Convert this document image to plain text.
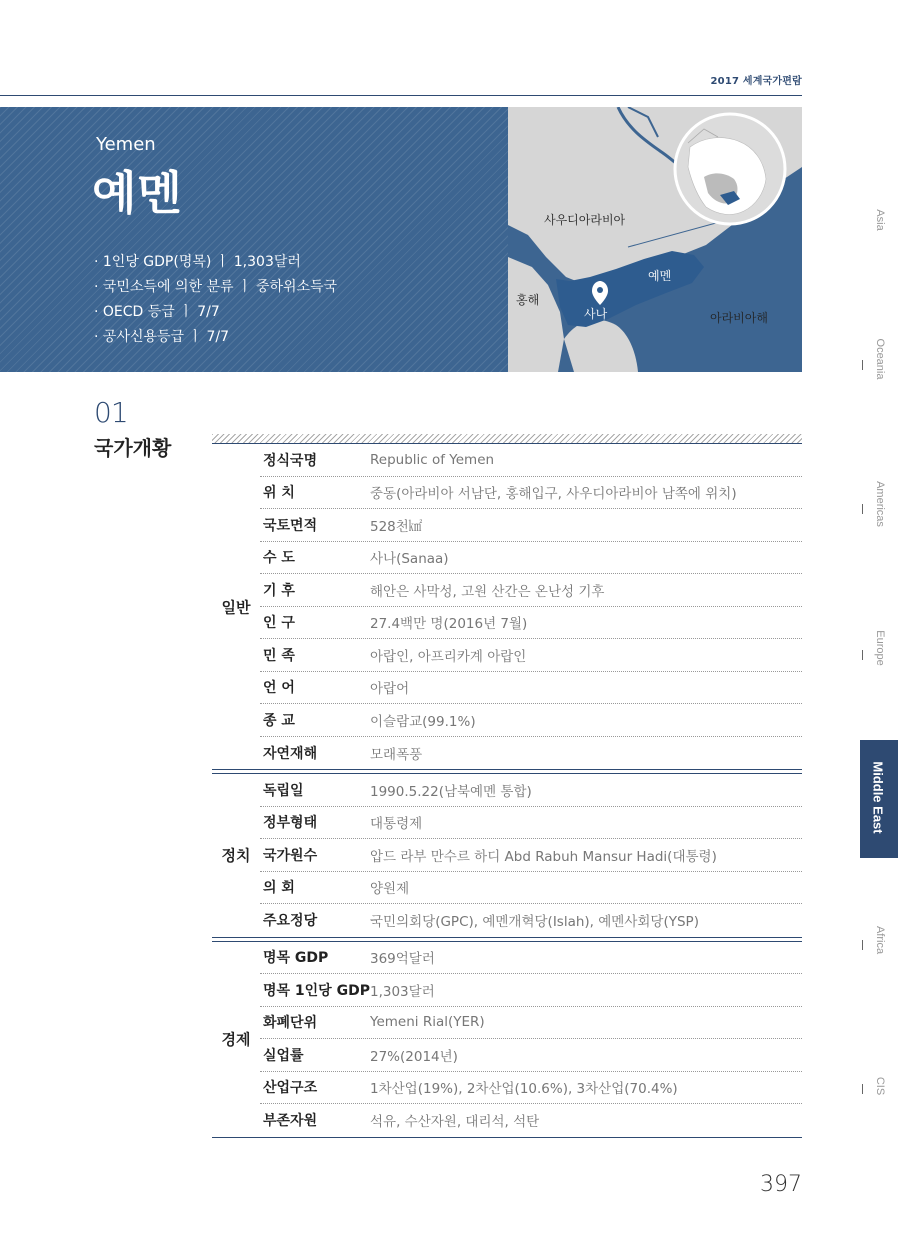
2017 세계국가편람
Yemen
예멘
· 1인당 GDP(명목) ㅣ 1,303달러
· 국민소득에 의한 분류 ㅣ 중하위소득국
· OECD 등급 ㅣ 7/7
· 공사신용등급 ㅣ 7/7
사우디아라비아
예멘
홍해
사나	아라비아해
Asia
Oceania
Americas
Europe
Middle East
Africa
CIS
01
국가개황
일반
정식국명	Republic of Yemen
위 치	중동(아라비아 서남단, 홍해입구, 사우디아라비아 남쪽에 위치)
국토면적	528천㎢
수 도	사나(Sanaa)
기 후	해안은 사막성, 고원 산간은 온난성 기후
인 구	27.4백만 명(2016년 7월)
민 족	아랍인, 아프리카계 아랍인
언 어	아랍어
종 교	이슬람교(99.1%)
자연재해	모래폭풍
정치
독립일	1990.5.22(남북예멘 통합)
정부형태	대통령제
국가원수	압드 라부 만수르 하디 Abd Rabuh Mansur Hadi(대통령)
의 회	양원제
주요정당	국민의회당(GPC), 예멘개혁당(Islah), 예멘사회당(YSP)
경제
명목 GDP	369억달러
명목 1인당 GDP 1,303달러
화폐단위	Yemeni Rial(YER)
실업률	27%(2014년)
산업구조	1차산업(19%), 2차산업(10.6%), 3차산업(70.4%)
부존자원	석유, 수산자원, 대리석, 석탄
397
